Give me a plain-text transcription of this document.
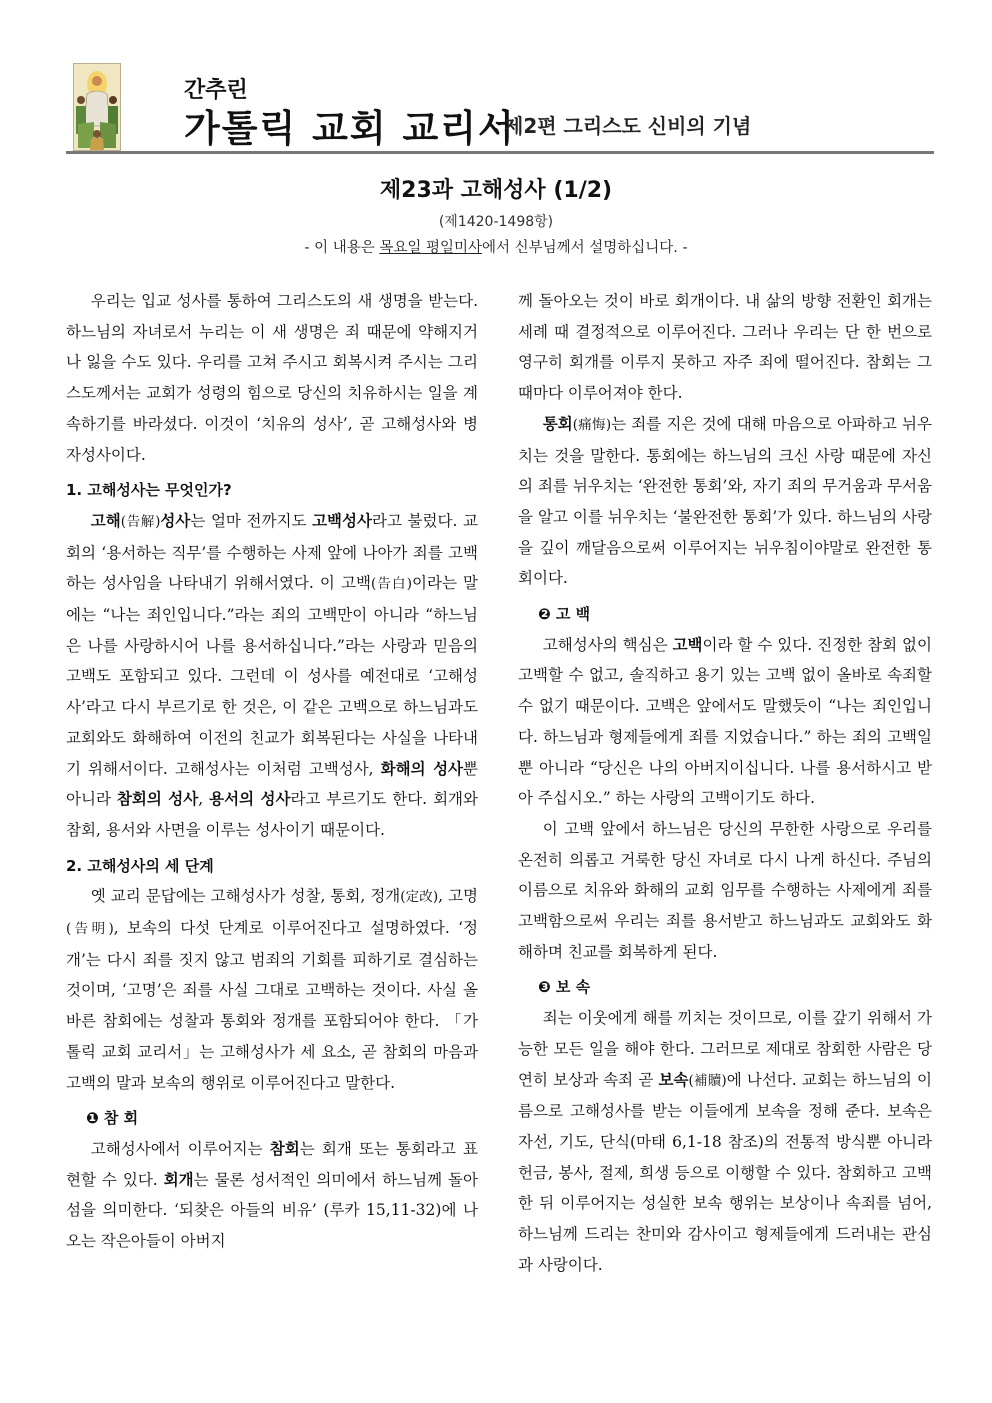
간추린
가톨릭 교회 교리서
제2편 그리스도 신비의 기념
제23과 고해성사 (1/2)
(제1420-1498항)
- 이 내용은 목요일 평일미사에서 신부님께서 설명하십니다. -

우리는 입교 성사를 통하여 그리스도의 새 생명을 받는다. 하느님의 자녀로서 누리는 이 새 생명은 죄 때문에 약해지거나 잃을 수도 있다. 우리를 고쳐 주시고 회복시켜 주시는 그리스도께서는 교회가 성령의 힘으로 당신의 치유하시는 일을 계속하기를 바라셨다. 이것이 ‘치유의 성사’, 곧 고해성사와 병자성사이다.

1. 고해성사는 무엇인가?

고해(告解)성사는 얼마 전까지도 고백성사라고 불렀다. 교회의 ‘용서하는 직무’를 수행하는 사제 앞에 나아가 죄를 고백하는 성사임을 나타내기 위해서였다. 이 고백(告白)이라는 말에는 “나는 죄인입니다.”라는 죄의 고백만이 아니라 “하느님은 나를 사랑하시어 나를 용서하십니다.”라는 사랑과 믿음의 고백도 포함되고 있다. 그런데 이 성사를 예전대로 ‘고해성사’라고 다시 부르기로 한 것은, 이 같은 고백으로 하느님과도 교회와도 화해하여 이전의 친교가 회복된다는 사실을 나타내기 위해서이다. 고해성사는 이처럼 고백성사, 화해의 성사뿐 아니라 참회의 성사, 용서의 성사라고 부르기도 한다. 회개와 참회, 용서와 사면을 이루는 성사이기 때문이다.

2. 고해성사의 세 단계

옛 교리 문답에는 고해성사가 성찰, 통회, 정개(定改), 고명(告明), 보속의 다섯 단계로 이루어진다고 설명하였다. ‘정개’는 다시 죄를 짓지 않고 범죄의 기회를 피하기로 결심하는 것이며, ‘고명’은 죄를 사실 그대로 고백하는 것이다. 사실 올바른 참회에는 성찰과 통회와 정개를 포함되어야 한다. 「가톨릭 교회 교리서」는 고해성사가 세 요소, 곧 참회의 마음과 고백의 말과 보속의 행위로 이루어진다고 말한다.

❶ 참 회

고해성사에서 이루어지는 참회는 회개 또는 통회라고 표현할 수 있다. 회개는 물론 성서적인 의미에서 하느님께 돌아섬을 의미한다. ‘되찾은 아들의 비유’ (루카 15,11-32)에 나오는 작은아들이 아버지

께 돌아오는 것이 바로 회개이다. 내 삶의 방향 전환인 회개는 세례 때 결정적으로 이루어진다. 그러나 우리는 단 한 번으로 영구히 회개를 이루지 못하고 자주 죄에 떨어진다. 참회는 그때마다 이루어져야 한다.

통회(痛悔)는 죄를 지은 것에 대해 마음으로 아파하고 뉘우치는 것을 말한다. 통회에는 하느님의 크신 사랑 때문에 자신의 죄를 뉘우치는 ‘완전한 통회’와, 자기 죄의 무거움과 무서움을 알고 이를 뉘우치는 ‘불완전한 통회’가 있다. 하느님의 사랑을 깊이 깨달음으로써 이루어지는 뉘우침이야말로 완전한 통회이다.

❷ 고 백

고해성사의 핵심은 고백이라 할 수 있다. 진정한 참회 없이 고백할 수 없고, 솔직하고 용기 있는 고백 없이 올바로 속죄할 수 없기 때문이다. 고백은 앞에서도 말했듯이 “나는 죄인입니다. 하느님과 형제들에게 죄를 지었습니다.” 하는 죄의 고백일 뿐 아니라 “당신은 나의 아버지이십니다. 나를 용서하시고 받아 주십시오.” 하는 사랑의 고백이기도 하다.

이 고백 앞에서 하느님은 당신의 무한한 사랑으로 우리를 온전히 의롭고 거룩한 당신 자녀로 다시 나게 하신다. 주님의 이름으로 치유와 화해의 교회 임무를 수행하는 사제에게 죄를 고백함으로써 우리는 죄를 용서받고 하느님과도 교회와도 화해하며 친교를 회복하게 된다.

❸ 보 속

죄는 이웃에게 해를 끼치는 것이므로, 이를 갚기 위해서 가능한 모든 일을 해야 한다. 그러므로 제대로 참회한 사람은 당연히 보상과 속죄 곧 보속(補贖)에 나선다. 교회는 하느님의 이름으로 고해성사를 받는 이들에게 보속을 정해 준다. 보속은 자선, 기도, 단식(마태 6,1-18 참조)의 전통적 방식뿐 아니라 헌금, 봉사, 절제, 희생 등으로 이행할 수 있다. 참회하고 고백한 뒤 이루어지는 성실한 보속 행위는 보상이나 속죄를 넘어, 하느님께 드리는 찬미와 감사이고 형제들에게 드러내는 관심과 사랑이다.
